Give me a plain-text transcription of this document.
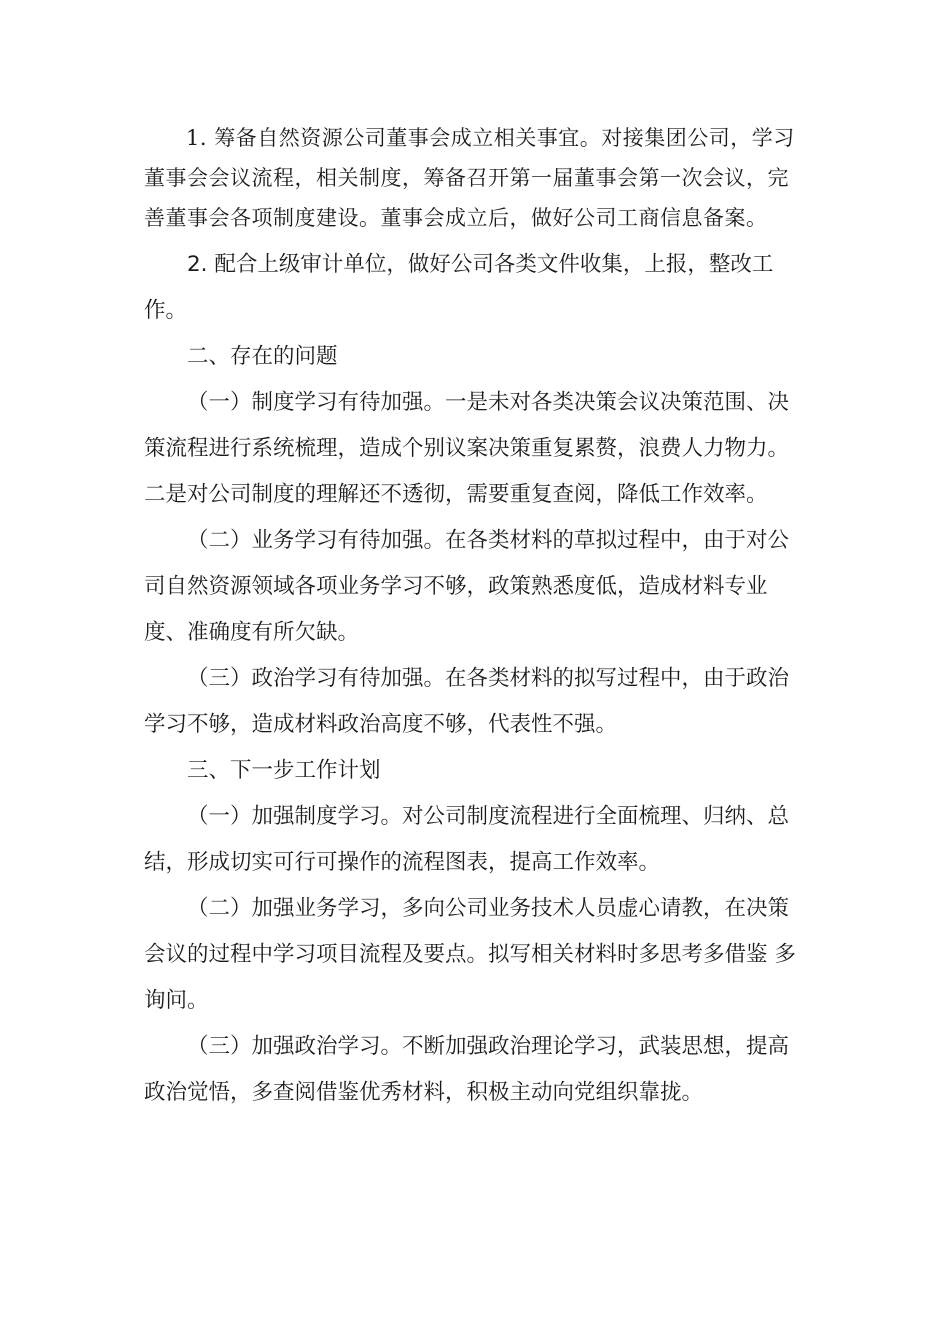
1. 筹备自然资源公司董事会成立相关事宜。对接集团公司，学习董事会会议流程，相关制度，筹备召开第一届董事会第一次会议，完善董事会各项制度建设。董事会成立后，做好公司工商信息备案。

2. 配合上级审计单位，做好公司各类文件收集，上报，整改工作。

二、存在的问题

（一）制度学习有待加强。一是未对各类决策会议决策范围、决策流程进行系统梳理，造成个别议案决策重复累赘，浪费人力物力。二是对公司制度的理解还不透彻，需要重复查阅，降低工作效率。

（二）业务学习有待加强。在各类材料的草拟过程中，由于对公司自然资源领域各项业务学习不够，政策熟悉度低，造成材料专业度、准确度有所欠缺。

（三）政治学习有待加强。在各类材料的拟写过程中，由于政治学习不够，造成材料政治高度不够，代表性不强。

三、下一步工作计划

（一）加强制度学习。对公司制度流程进行全面梳理、归纳、总结，形成切实可行可操作的流程图表，提高工作效率。

（二）加强业务学习，多向公司业务技术人员虚心请教，在决策会议的过程中学习项目流程及要点。拟写相关材料时多思考多借鉴 多询问。

（三）加强政治学习。不断加强政治理论学习，武装思想，提高政治觉悟，多查阅借鉴优秀材料，积极主动向党组织靠拢。
